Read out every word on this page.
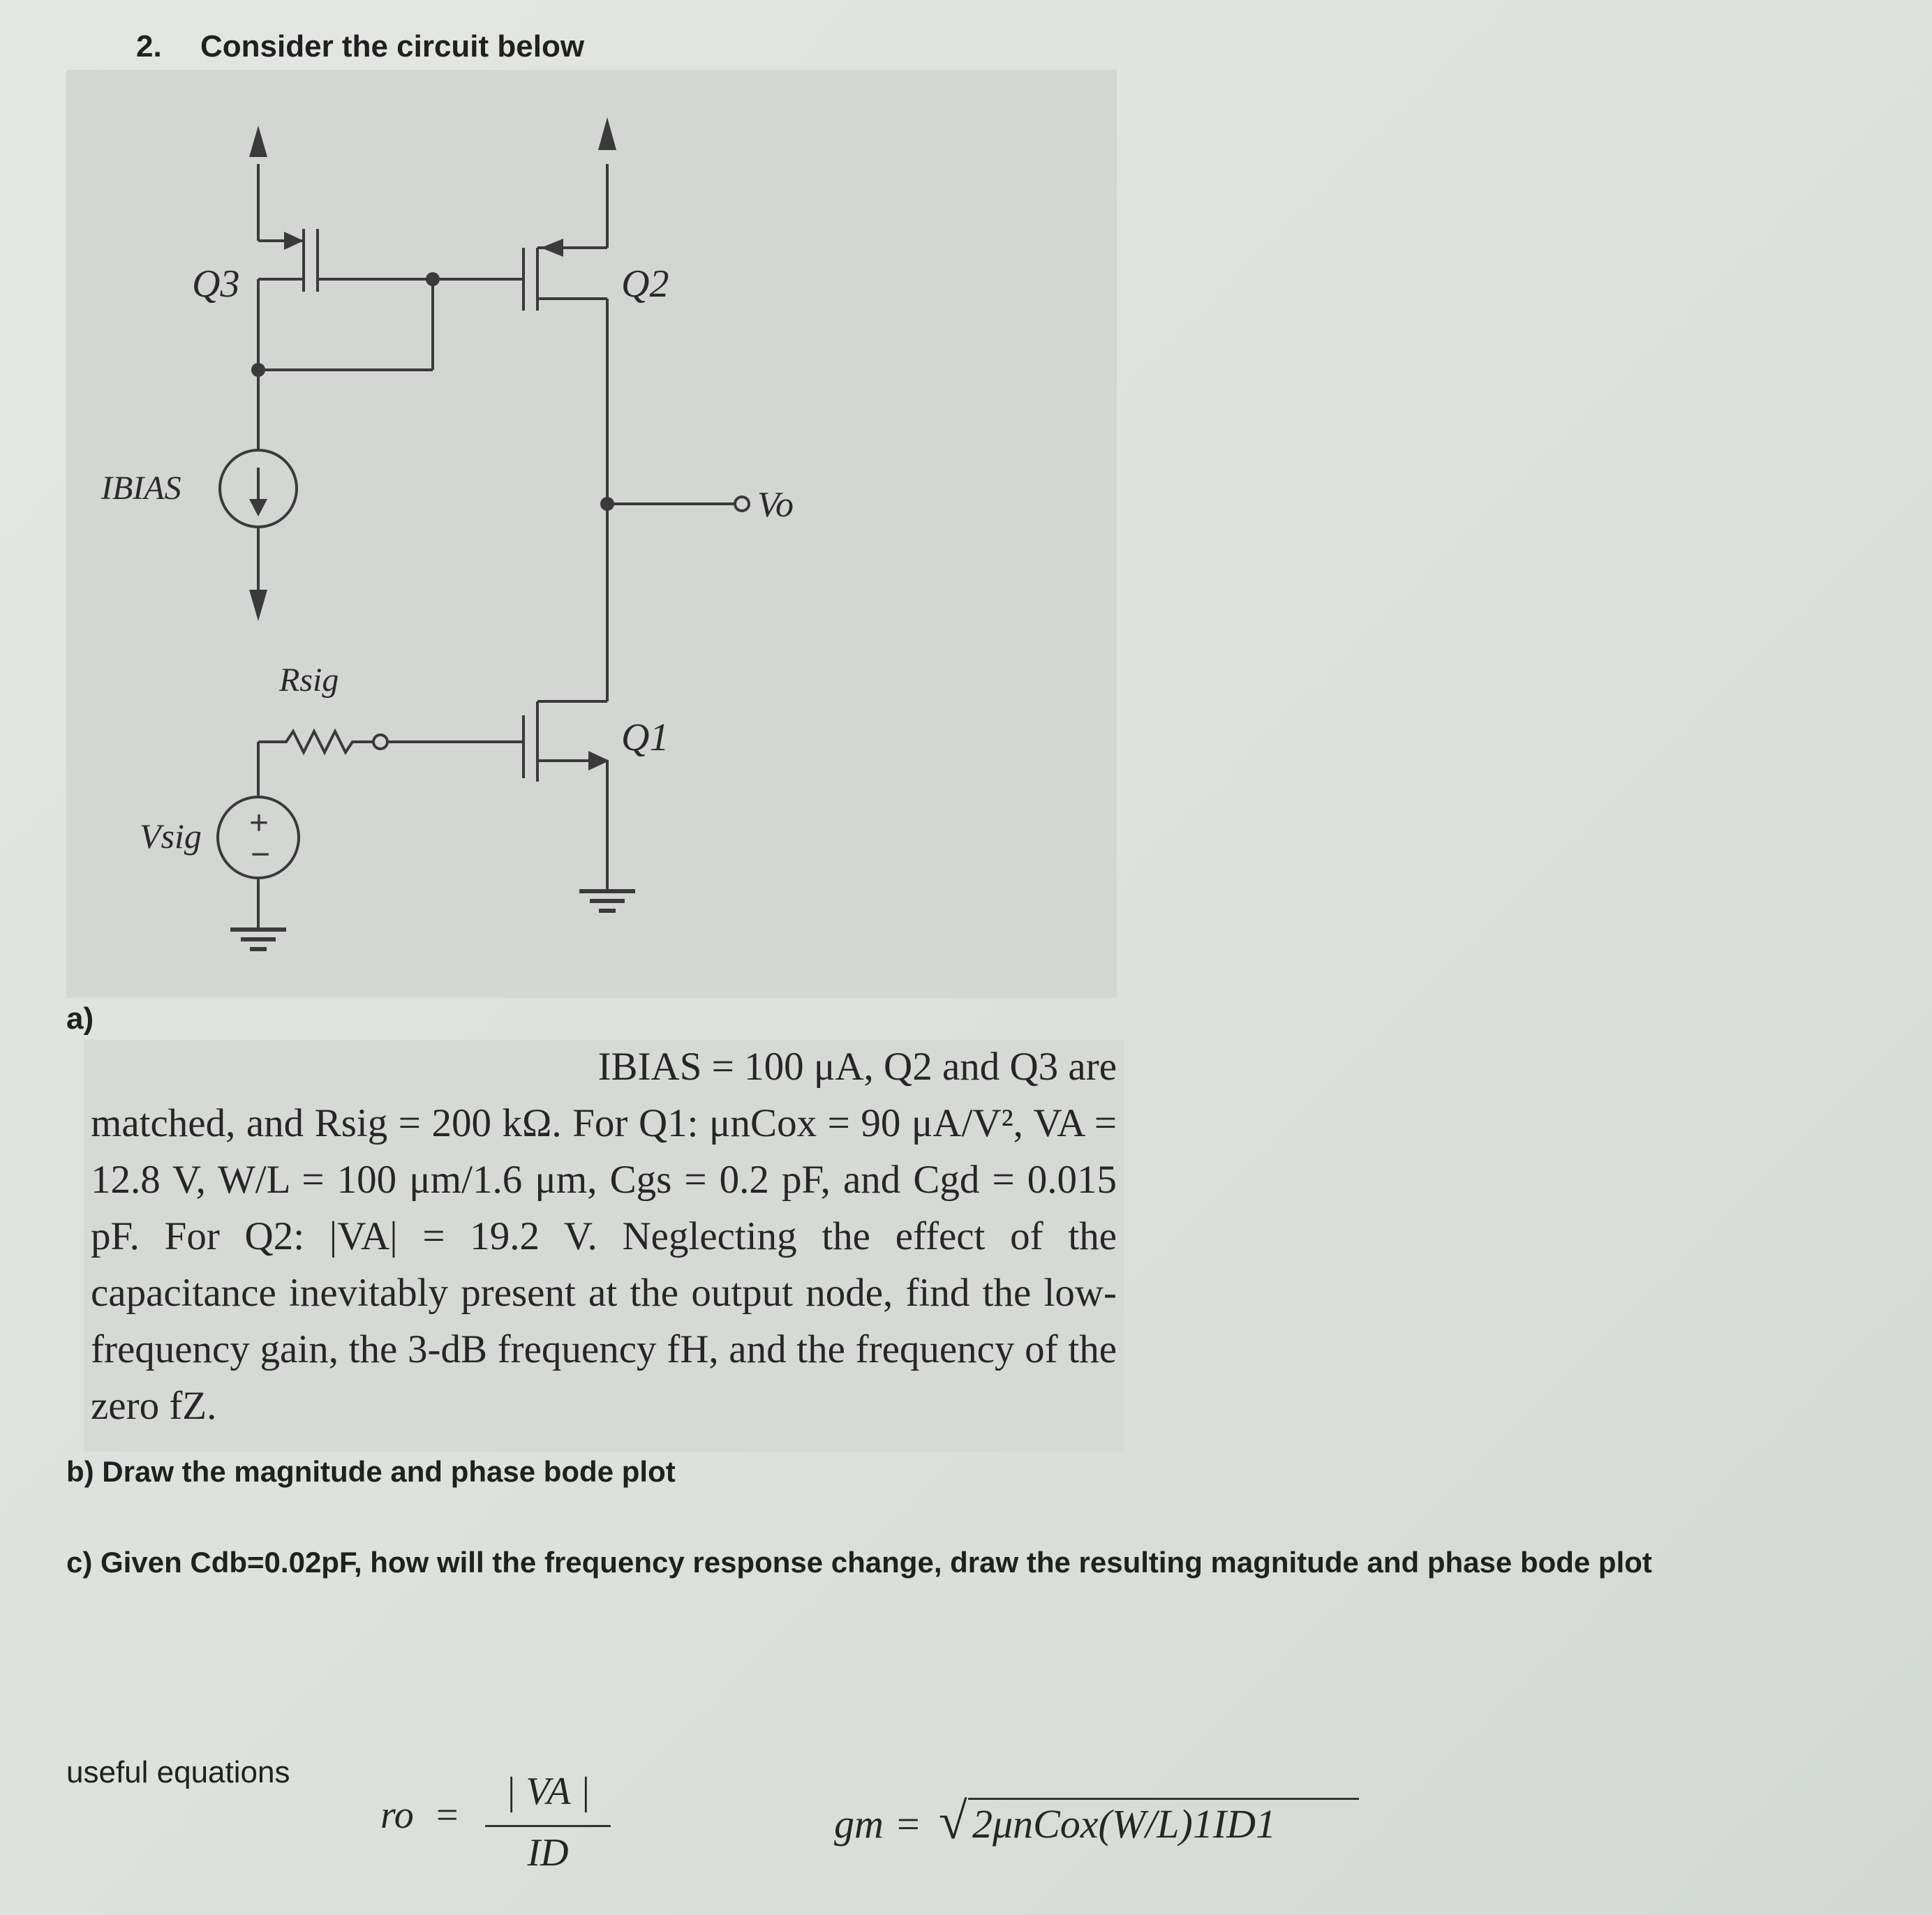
2. Consider the circuit below
Q3	Q2
Q1
IBIAS
Rsig
Vsig
Vo
+
−
a)
IBIAS = 100 μA, Q2 and Q3 are
matched, and Rsig = 200 kΩ. For Q1: μnCox = 90 μA/V², VA = 12.8 V, W/L = 100 μm/1.6 μm, Cgs = 0.2 pF, and Cgd = 0.015 pF. For Q2: |VA| = 19.2 V. Neglecting the effect of the capacitance inevitably present at the output node, find the low-frequency gain, the 3-dB frequency fH, and the frequency of the zero fZ.
b) Draw the magnitude and phase bode plot
c) Given Cdb=0.02pF, how will the frequency response change, draw the resulting magnitude and phase bode plot
useful equations
ro =
| VA |
ID
gm = √ 2μnCox(W/L)1ID1
